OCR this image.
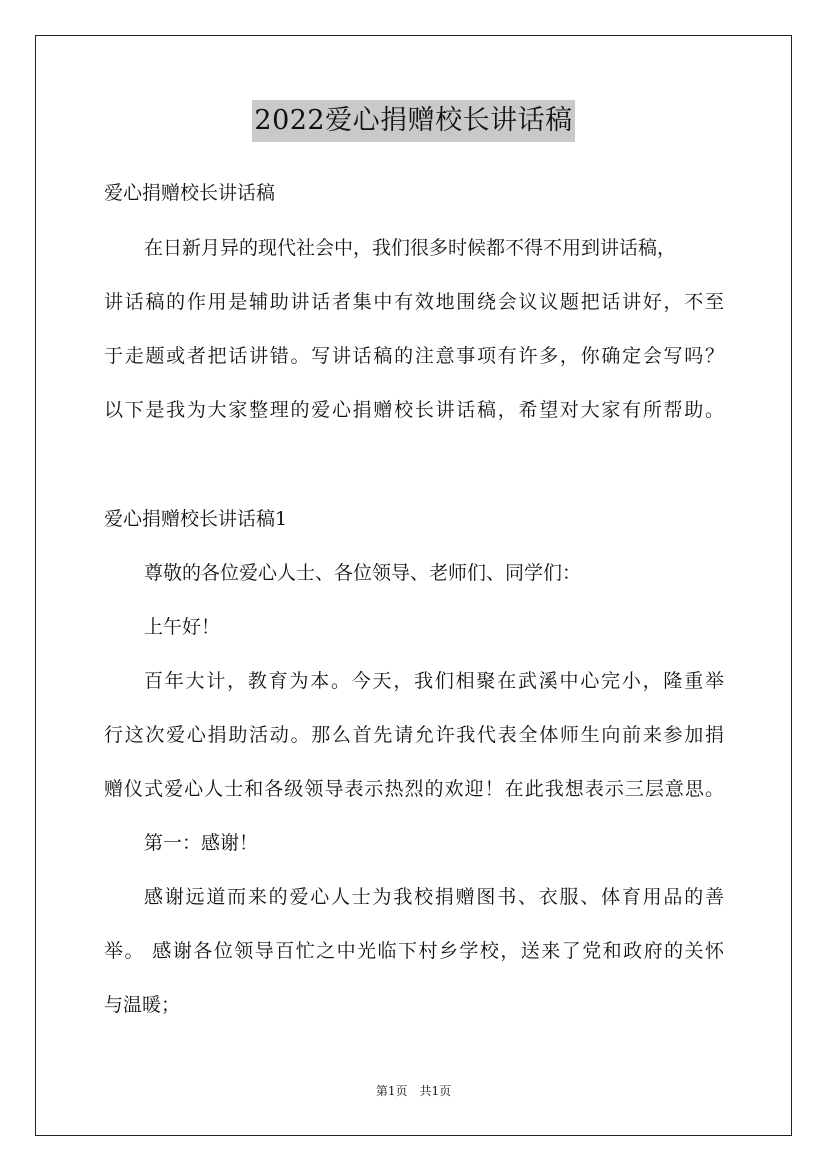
2022爱心捐赠校长讲话稿
爱心捐赠校长讲话稿
在日新月异的现代社会中，我们很多时候都不得不用到讲话稿，
讲话稿的作用是辅助讲话者集中有效地围绕会议议题把话讲好，不至
于走题或者把话讲错。写讲话稿的注意事项有许多，你确定会写吗？
以下是我为大家整理的爱心捐赠校长讲话稿，希望对大家有所帮助。
爱心捐赠校长讲话稿1
尊敬的各位爱心人士、各位领导、老师们、同学们：
上午好！
百年大计，教育为本。今天，我们相聚在武溪中心完小，隆重举
行这次爱心捐助活动。那么首先请允许我代表全体师生向前来参加捐
赠仪式爱心人士和各级领导表示热烈的欢迎！在此我想表示三层意思。
第一：感谢！
感谢远道而来的爱心人士为我校捐赠图书、衣服、体育用品的善
举。 感谢各位领导百忙之中光临下村乡学校，送来了党和政府的关怀
与温暖；
第1页　共1页
